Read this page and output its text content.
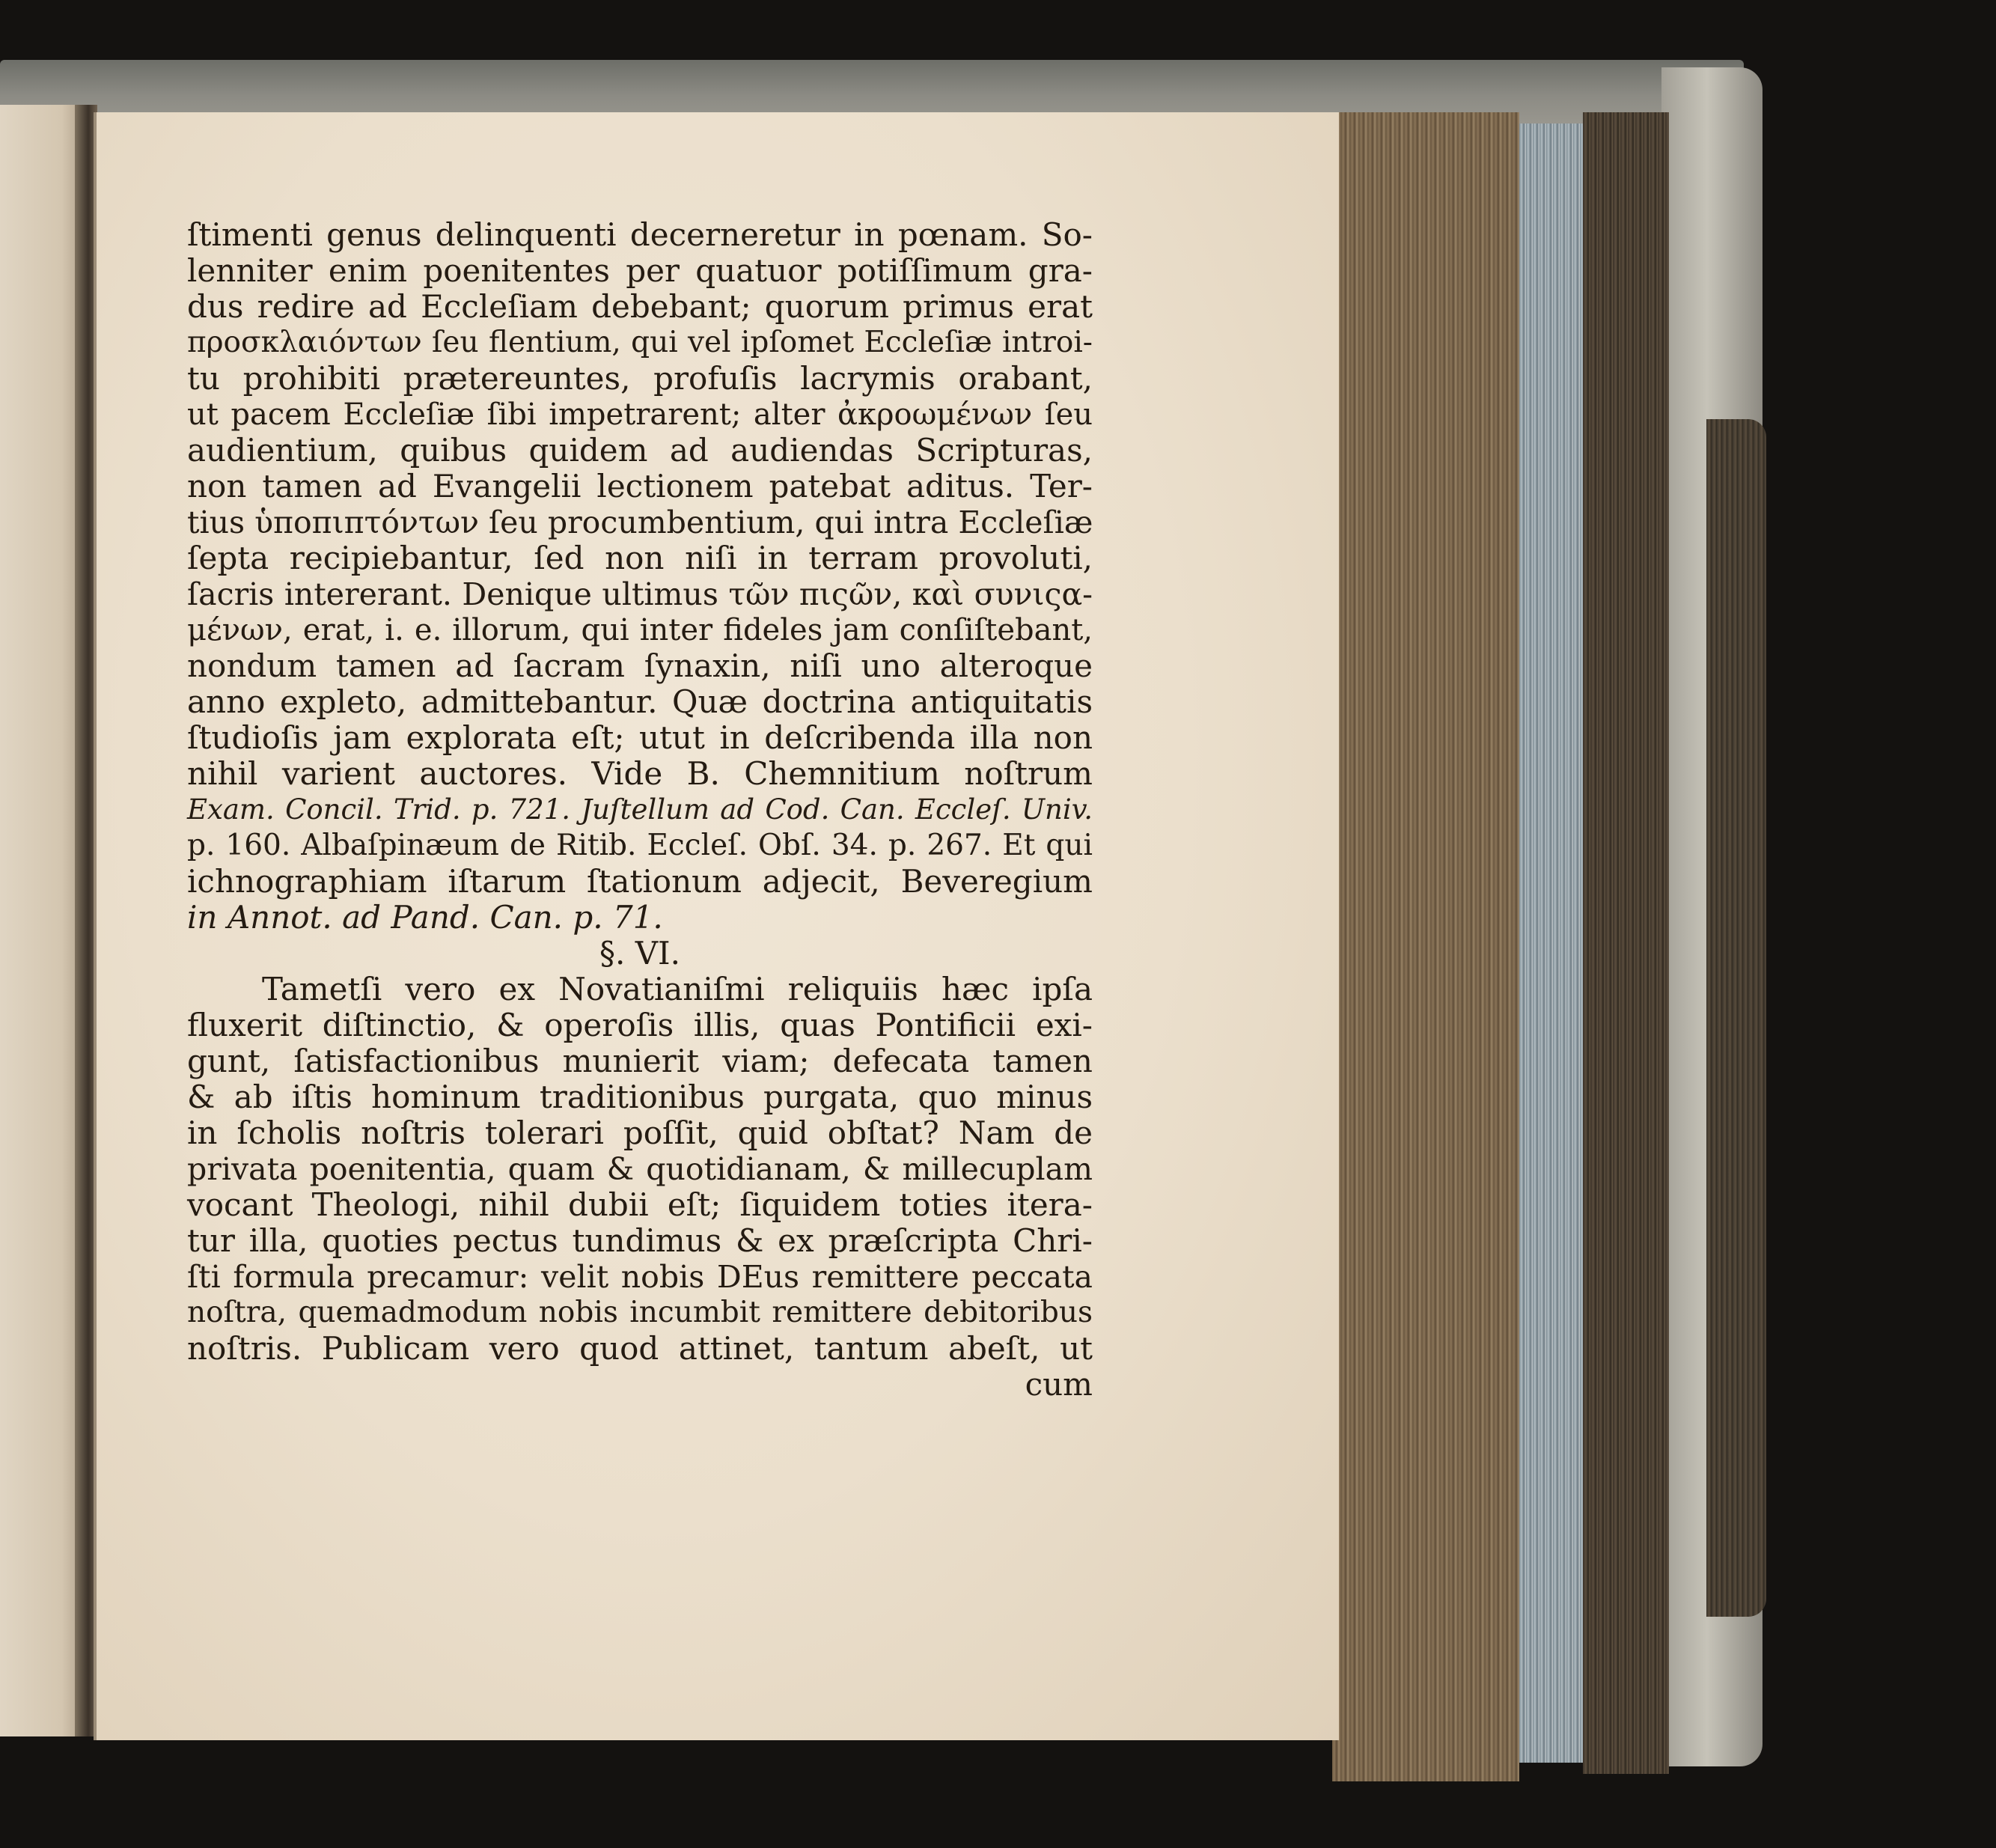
ſtimenti genus delinquenti decerneretur in pœnam. So-
lenniter enim poenitentes per quatuor potiſſimum gra-
dus redire ad Eccleſiam debebant; quorum primus erat
προσκλαιόντων ſeu flentium, qui vel ipſomet Eccleſiæ introi-
tu prohibiti prætereuntes, profuſis lacrymis orabant,
ut pacem Eccleſiæ ſibi impetrarent; alter ἀκροωμένων ſeu
audientium, quibus quidem ad audiendas Scripturas,
non tamen ad Evangelii lectionem patebat aditus. Ter-
tius ὑποπιπτόντων ſeu procumbentium, qui intra Eccleſiæ
ſepta recipiebantur, ſed non niſi in terram provoluti,
ſacris intererant. Denique ultimus τῶν πιςῶν, καὶ συνιςα-
μένων, erat, i. e. illorum, qui inter fideles jam conſiſtebant,
nondum tamen ad ſacram ſynaxin, niſi uno alteroque
anno expleto, admittebantur. Quæ doctrina antiquitatis
ſtudioſis jam explorata eſt; utut in deſcribenda illa non
nihil varient auctores. Vide B. Chemnitium noſtrum
Exam. Concil. Trid. p. 721. Juſtellum ad Cod. Can. Eccleſ. Univ.
p. 160. Albaſpinæum de Ritib. Eccleſ. Obſ. 34. p. 267. Et qui
ichnographiam iſtarum ſtationum adjecit, Beveregium
in Annot. ad Pand. Can. p. 71.
§. VI.
Tametſi vero ex Novatianiſmi reliquiis hæc ipſa
fluxerit diſtinctio, & operoſis illis, quas Pontificii exi-
gunt, ſatisfactionibus munierit viam; defecata tamen
& ab iſtis hominum traditionibus purgata, quo minus
in ſcholis noſtris tolerari poſſit, quid obſtat? Nam de
privata poenitentia, quam & quotidianam, & millecuplam
vocant Theologi, nihil dubii eſt; ſiquidem toties itera-
tur illa, quoties pectus tundimus & ex præſcripta Chri-
ſti formula precamur: velit nobis DEus remittere peccata
noſtra, quemadmodum nobis incumbit remittere debitoribus
noſtris. Publicam vero quod attinet, tantum abeſt, ut
cum
